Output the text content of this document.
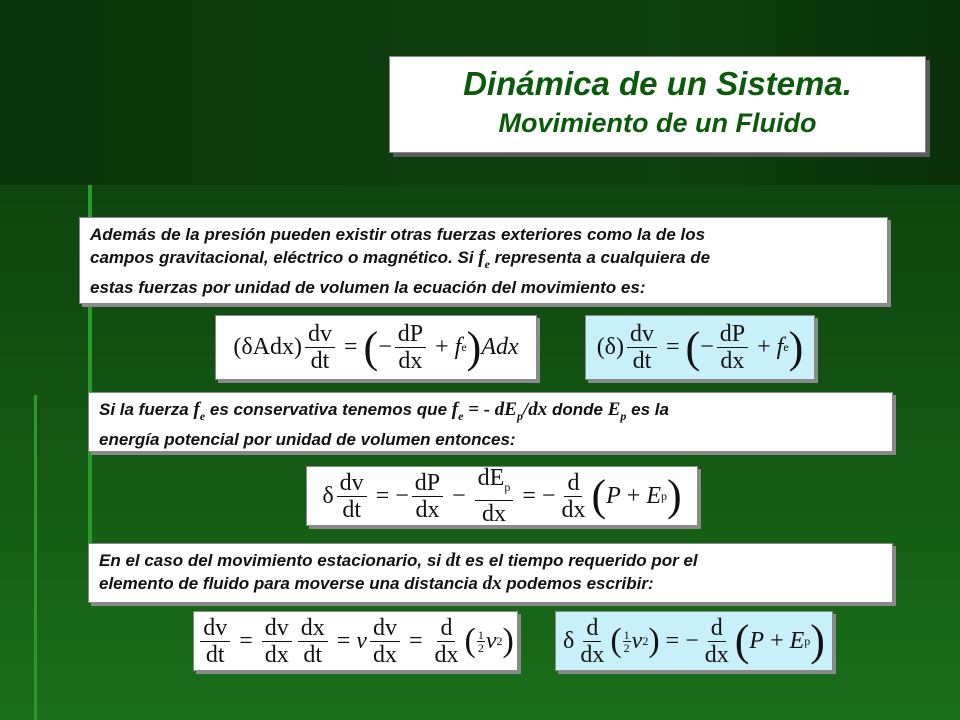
Dinámica de un Sistema.
Movimiento de un Fluido

Además de la presión pueden existir otras fuerzas exteriores como la de los

campos gravitacional, eléctrico o magnético. Si $f_e$ representa a cualquiera de

estas fuerzas por unidad de volumen la ecuación del movimiento es:

(δAdx ) $\frac{dv}{dt}$ = ( − $\frac{dP}{dx} + f$ e ) Adx	(δ ) $\frac{dv}{dt}$ = ( − $\frac{dP}{dx} + f$ e )

Si la fuerza $f_e$ es conservativa tenemos que $f_e$ = - $dE_p/dx$ donde $E_p$ es la

energía potencial por unidad de volumen entonces:

δ $\frac{dv}{dt}$ = − $\frac{dP}{dx} - \frac{dE_p}{dx}$ = − $\frac{d}{dx}$ ( P + E p )

En el caso del movimiento estacionario, si dt es el tiempo requerido por el

elemento de fluido para moverse una distancia dx podemos escribir:

$\frac{dv}{dt} = \frac{dv}{dx} \frac{dx}{dt} = v \frac{dv}{dx} = \frac{d}{dx}$ ( $\frac{1}{2}$ v 2 ) δ $\frac{d}{dx}$ ( $\frac{1}{2}$ v 2 ) = − $\frac{d}{dx}$ ( P + E p )
